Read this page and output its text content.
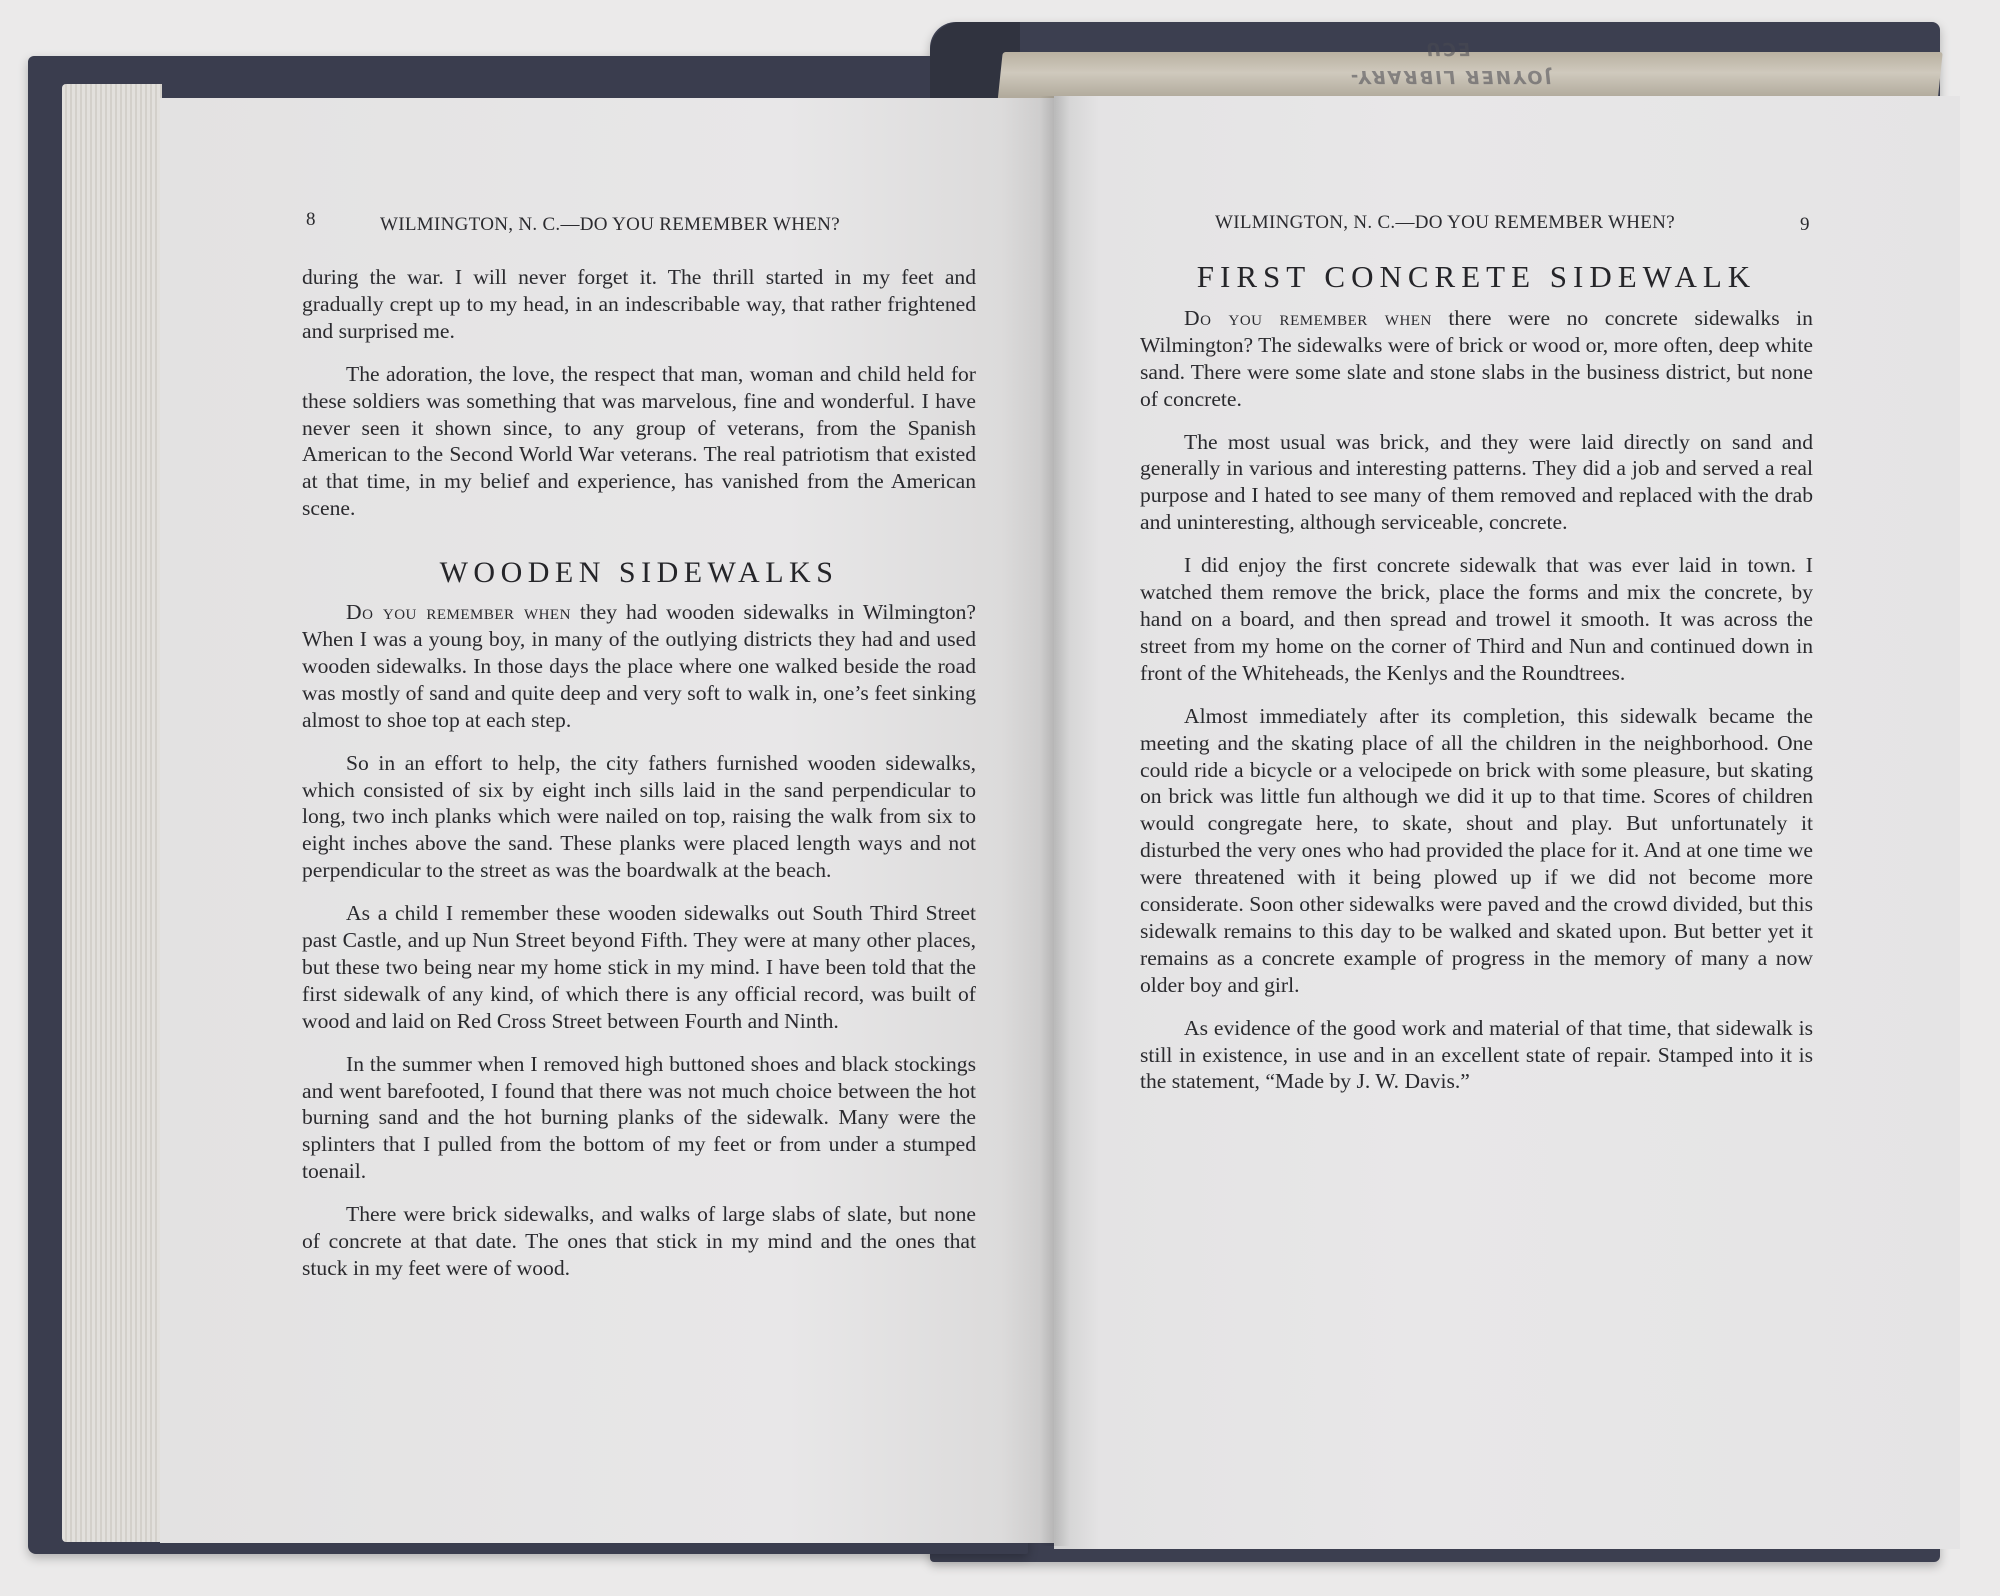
JOYNER LIBRARY-ECU
8	WILMINGTON, N. C.—DO YOU REMEMBER WHEN?	WILMINGTON, N. C.—DO YOU REMEMBER WHEN?	9

during the war. I will never forget it. The thrill started in my feet and gradually crept up to my head, in an indescribable way, that rather frightened and surprised me.

The adoration, the love, the respect that man, woman and child held for these soldiers was something that was marvelous, fine and wonderful. I have never seen it shown since, to any group of veterans, from the Spanish American to the Second World War veterans. The real patriotism that existed at that time, in my belief and experience, has vanished from the American scene.

WOODEN SIDEWALKS

Do you remember when they had wooden sidewalks in Wilmington? When I was a young boy, in many of the outlying districts they had and used wooden sidewalks. In those days the place where one walked beside the road was mostly of sand and quite deep and very soft to walk in, one’s feet sinking almost to shoe top at each step.

So in an effort to help, the city fathers furnished wooden sidewalks, which consisted of six by eight inch sills laid in the sand perpendicular to long, two inch planks which were nailed on top, raising the walk from six to eight inches above the sand. These planks were placed length ways and not perpendicular to the street as was the boardwalk at the beach.

As a child I remember these wooden sidewalks out South Third Street past Castle, and up Nun Street beyond Fifth. They were at many other places, but these two being near my home stick in my mind. I have been told that the first sidewalk of any kind, of which there is any official record, was built of wood and laid on Red Cross Street between Fourth and Ninth.

In the summer when I removed high buttoned shoes and black stockings and went barefooted, I found that there was not much choice between the hot burning sand and the hot burning planks of the sidewalk. Many were the splinters that I pulled from the bottom of my feet or from under a stumped toenail.

There were brick sidewalks, and walks of large slabs of slate, but none of concrete at that date. The ones that stick in my mind and the ones that stuck in my feet were of wood.

FIRST CONCRETE SIDEWALK

Do you remember when there were no concrete sidewalks in Wilmington? The sidewalks were of brick or wood or, more often, deep white sand. There were some slate and stone slabs in the business district, but none of concrete.

The most usual was brick, and they were laid directly on sand and generally in various and interesting patterns. They did a job and served a real purpose and I hated to see many of them removed and replaced with the drab and uninteresting, although serviceable, concrete.

I did enjoy the first concrete sidewalk that was ever laid in town. I watched them remove the brick, place the forms and mix the concrete, by hand on a board, and then spread and trowel it smooth. It was across the street from my home on the corner of Third and Nun and continued down in front of the Whiteheads, the Kenlys and the Roundtrees.

Almost immediately after its completion, this sidewalk became the meeting and the skating place of all the children in the neighborhood. One could ride a bicycle or a velocipede on brick with some pleasure, but skating on brick was little fun although we did it up to that time. Scores of children would congregate here, to skate, shout and play. But unfortunately it disturbed the very ones who had provided the place for it. And at one time we were threatened with it being plowed up if we did not become more considerate. Soon other sidewalks were paved and the crowd divided, but this sidewalk remains to this day to be walked and skated upon. But better yet it remains as a concrete example of progress in the memory of many a now older boy and girl.

As evidence of the good work and material of that time, that sidewalk is still in existence, in use and in an excellent state of repair. Stamped into it is the statement, “Made by J. W. Davis.”
